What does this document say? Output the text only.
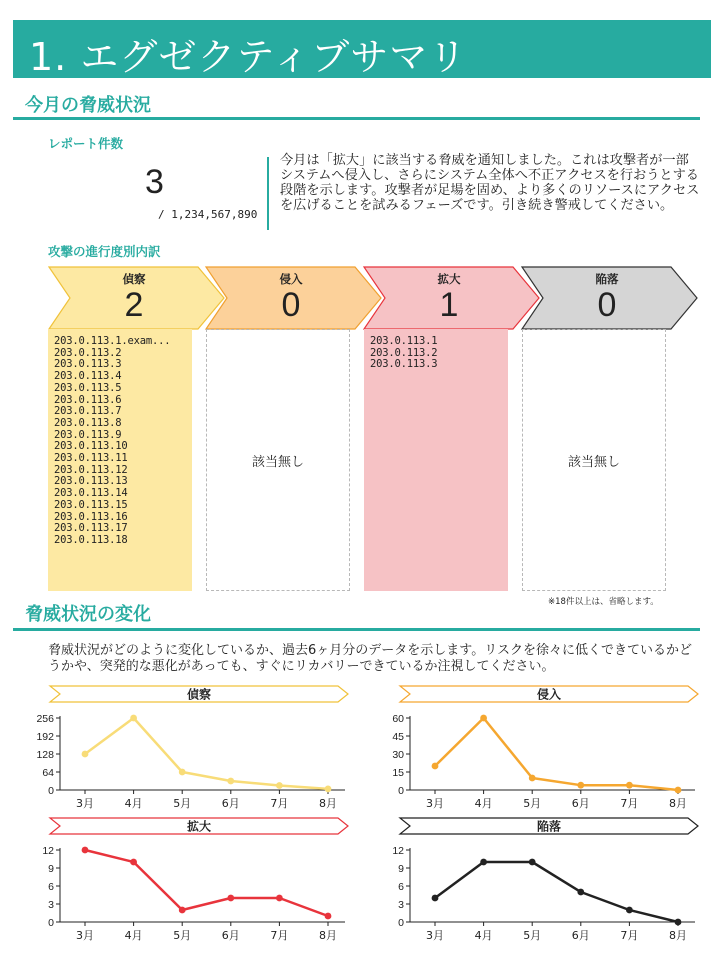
1. エグゼクティブサマリ
今月の脅威状況
レポート件数
3
/ 1,234,567,890
今月は「拡大」に該当する脅威を通知しました。これは攻撃者が一部システムへ侵入し、さらにシステム全体へ不正アクセスを行おうとする段階を示します。攻撃者が足場を固め、より多くのリソースにアクセスを広げることを試みるフェーズです。引き続き警戒してください。
攻撃の進行度別内訳
偵察
2
侵入
0
拡大
1
陥落
0
203.0.113.1.exam...
203.0.113.2
203.0.113.3
203.0.113.4
203.0.113.5
203.0.113.6
203.0.113.7
203.0.113.8
203.0.113.9
203.0.113.10
203.0.113.11
203.0.113.12
203.0.113.13
203.0.113.14
203.0.113.15
203.0.113.16
203.0.113.17
203.0.113.18
該当無し
203.0.113.1
203.0.113.2
203.0.113.3
該当無し
※18件以上は、省略します。
脅威状況の変化
脅威状況がどのように変化しているか、過去6ヶ月分のデータを示します。リスクを徐々に低くできているかどうかや、突発的な悪化があっても、すぐにリカバリーできているか注視してください。
偵察
0
64
128
192
256
3月	4月	5月	6月	7月	8月
侵入
0
15
30
45
60
3月	4月	5月	6月	7月	8月
拡大
0
3
6
9
12
3月	4月	5月	6月	7月	8月
陥落
0
3
6
9
12
3月	4月	5月	6月	7月	8月
